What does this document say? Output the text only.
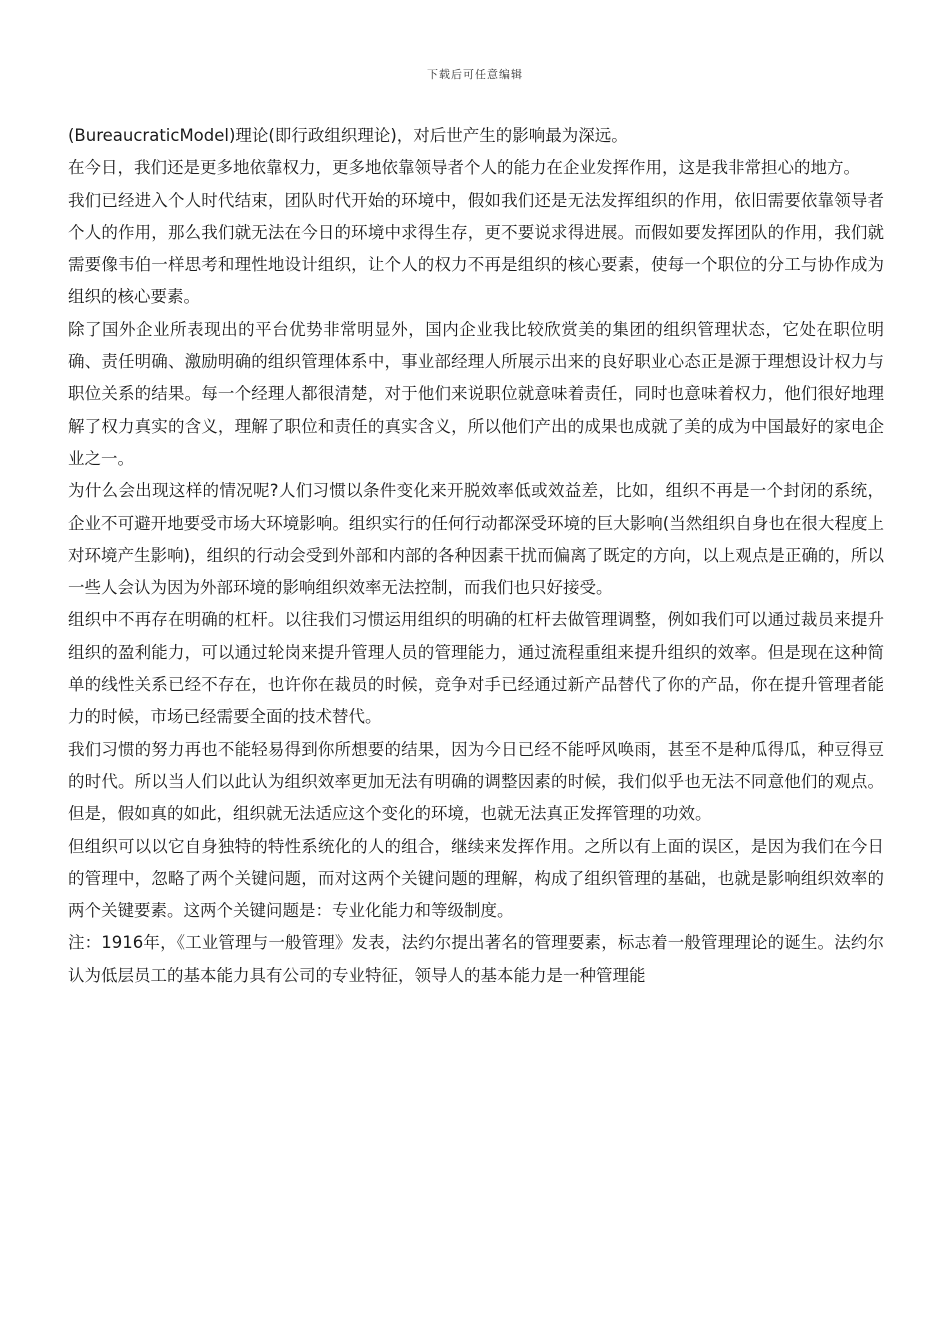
下载后可任意编辑

(BureaucraticModel)理论(即行政组织理论)，对后世产生的影响最为深远。

在今日，我们还是更多地依靠权力，更多地依靠领导者个人的能力在企业发挥作用，这是我非常担心的地方。

我们已经进入个人时代结束，团队时代开始的环境中，假如我们还是无法发挥组织的作用，依旧需要依靠领导者个人的作用，那么我们就无法在今日的环境中求得生存，更不要说求得进展。而假如要发挥团队的作用，我们就需要像韦伯一样思考和理性地设计组织，让个人的权力不再是组织的核心要素，使每一个职位的分工与协作成为组织的核心要素。

除了国外企业所表现出的平台优势非常明显外，国内企业我比较欣赏美的集团的组织管理状态，它处在职位明确、责任明确、激励明确的组织管理体系中，事业部经理人所展示出来的良好职业心态正是源于理想设计权力与职位关系的结果。每一个经理人都很清楚，对于他们来说职位就意味着责任，同时也意味着权力，他们很好地理解了权力真实的含义，理解了职位和责任的真实含义，所以他们产出的成果也成就了美的成为中国最好的家电企业之一。

为什么会出现这样的情况呢?人们习惯以条件变化来开脱效率低或效益差，比如，组织不再是一个封闭的系统，企业不可避开地要受市场大环境影响。组织实行的任何行动都深受环境的巨大影响(当然组织自身也在很大程度上对环境产生影响)，组织的行动会受到外部和内部的各种因素干扰而偏离了既定的方向，以上观点是正确的，所以一些人会认为因为外部环境的影响组织效率无法控制，而我们也只好接受。

组织中不再存在明确的杠杆。以往我们习惯运用组织的明确的杠杆去做管理调整，例如我们可以通过裁员来提升组织的盈利能力，可以通过轮岗来提升管理人员的管理能力，通过流程重组来提升组织的效率。但是现在这种简单的线性关系已经不存在，也许你在裁员的时候，竞争对手已经通过新产品替代了你的产品，你在提升管理者能力的时候，市场已经需要全面的技术替代。

我们习惯的努力再也不能轻易得到你所想要的结果，因为今日已经不能呼风唤雨，甚至不是种瓜得瓜，种豆得豆的时代。所以当人们以此认为组织效率更加无法有明确的调整因素的时候，我们似乎也无法不同意他们的观点。但是，假如真的如此，组织就无法适应这个变化的环境，也就无法真正发挥管理的功效。

但组织可以以它自身独特的特性系统化的人的组合，继续来发挥作用。之所以有上面的误区，是因为我们在今日的管理中，忽略了两个关键问题，而对这两个关键问题的理解，构成了组织管理的基础，也就是影响组织效率的两个关键要素。这两个关键问题是：专业化能力和等级制度。

注：1916年，《工业管理与一般管理》发表，法约尔提出著名的管理要素，标志着一般管理理论的诞生。法约尔认为低层员工的基本能力具有公司的专业特征，领导人的基本能力是一种管理能
